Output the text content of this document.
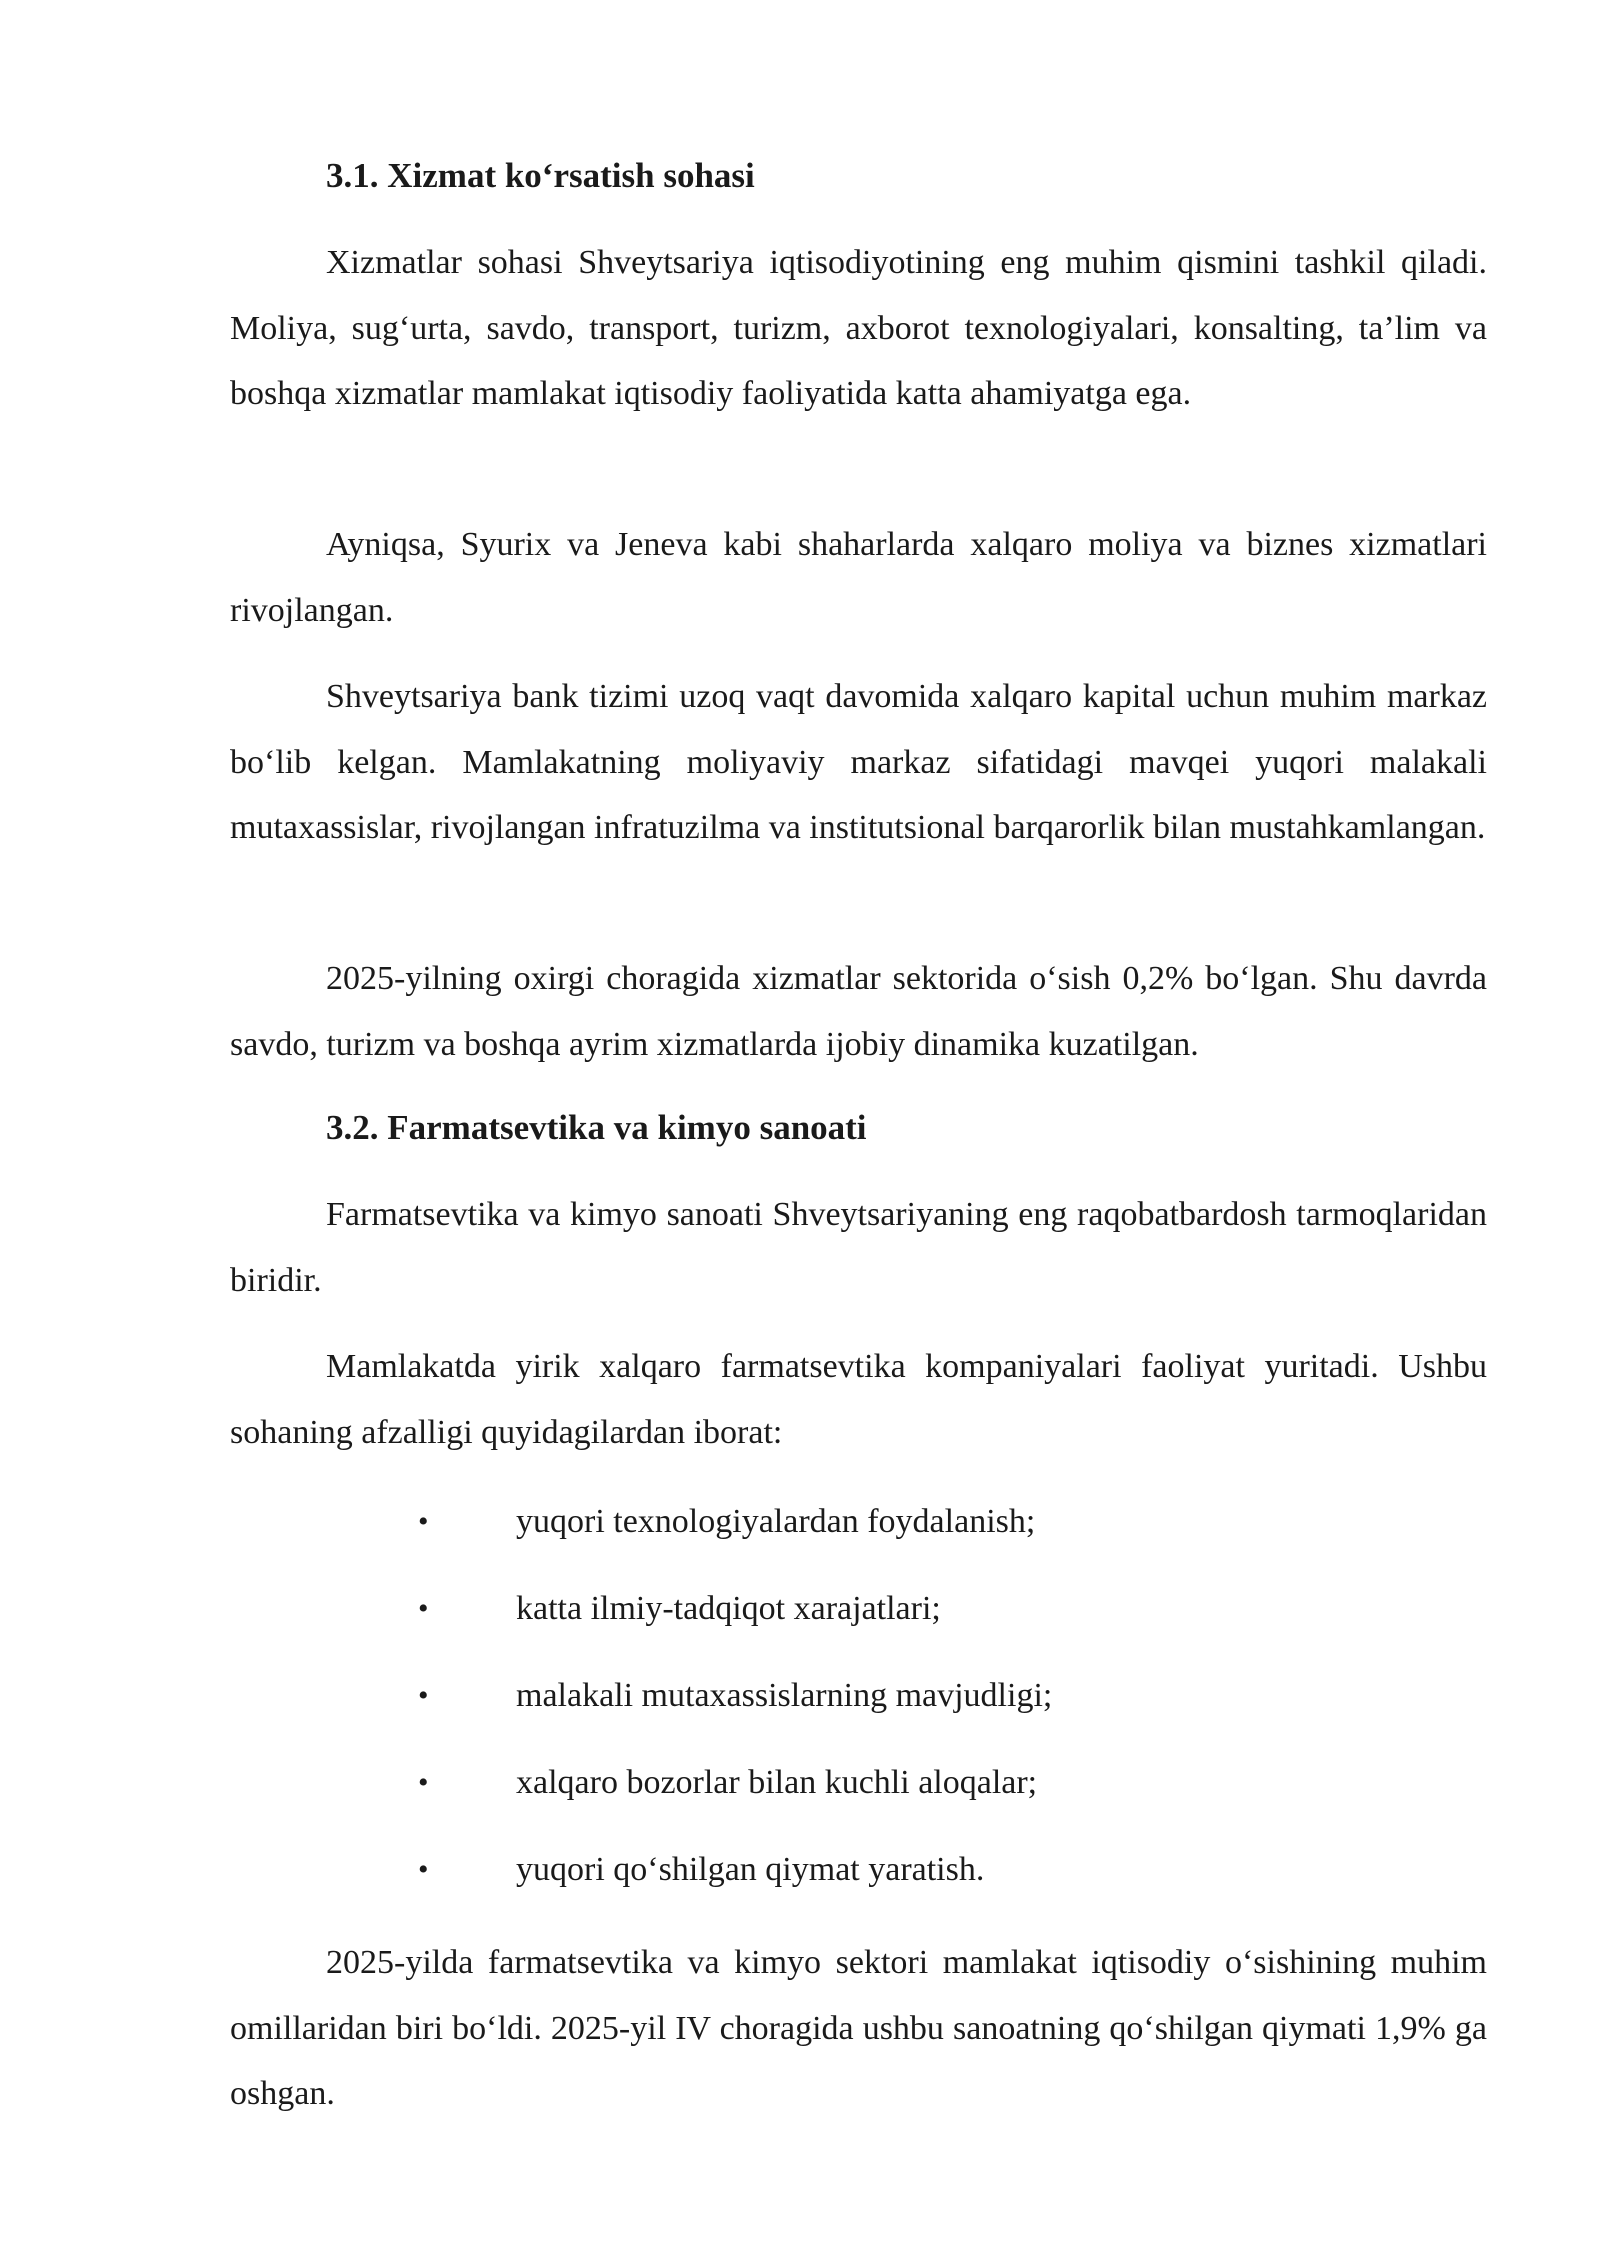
3.1. Xizmat ko‘rsatish sohasi

Xizmatlar sohasi Shveytsariya iqtisodiyotining eng muhim qismini tashkil qiladi. Moliya, sug‘urta, savdo, transport, turizm, axborot texnologiyalari, konsalting, ta’lim va boshqa xizmatlar mamlakat iqtisodiy faoliyatida katta ahamiyatga ega.

Ayniqsa, Syurix va Jeneva kabi shaharlarda xalqaro moliya va biznes xizmatlari rivojlangan.

Shveytsariya bank tizimi uzoq vaqt davomida xalqaro kapital uchun muhim markaz bo‘lib kelgan. Mamlakatning moliyaviy markaz sifatidagi mavqei yuqori malakali mutaxassislar, rivojlangan infratuzilma va institutsional barqarorlik bilan mustahkamlangan.

2025-yilning oxirgi choragida xizmatlar sektorida o‘sish 0,2% bo‘lgan. Shu davrda savdo, turizm va boshqa ayrim xizmatlarda ijobiy dinamika kuzatilgan.

3.2. Farmatsevtika va kimyo sanoati

Farmatsevtika va kimyo sanoati Shveytsariyaning eng raqobatbardosh tarmoqlaridan biridir.

Mamlakatda yirik xalqaro farmatsevtika kompaniyalari faoliyat yuritadi. Ushbu sohaning afzalligi quyidagilardan iborat:

•	yuqori texnologiyalardan foydalanish;
•	katta ilmiy-tadqiqot xarajatlari;
•	malakali mutaxassislarning mavjudligi;
•	xalqaro bozorlar bilan kuchli aloqalar;
•	yuqori qo‘shilgan qiymat yaratish.

2025-yilda farmatsevtika va kimyo sektori mamlakat iqtisodiy o‘sishining muhim omillaridan biri bo‘ldi. 2025-yil IV choragida ushbu sanoatning qo‘shilgan qiymati 1,9% ga oshgan.
